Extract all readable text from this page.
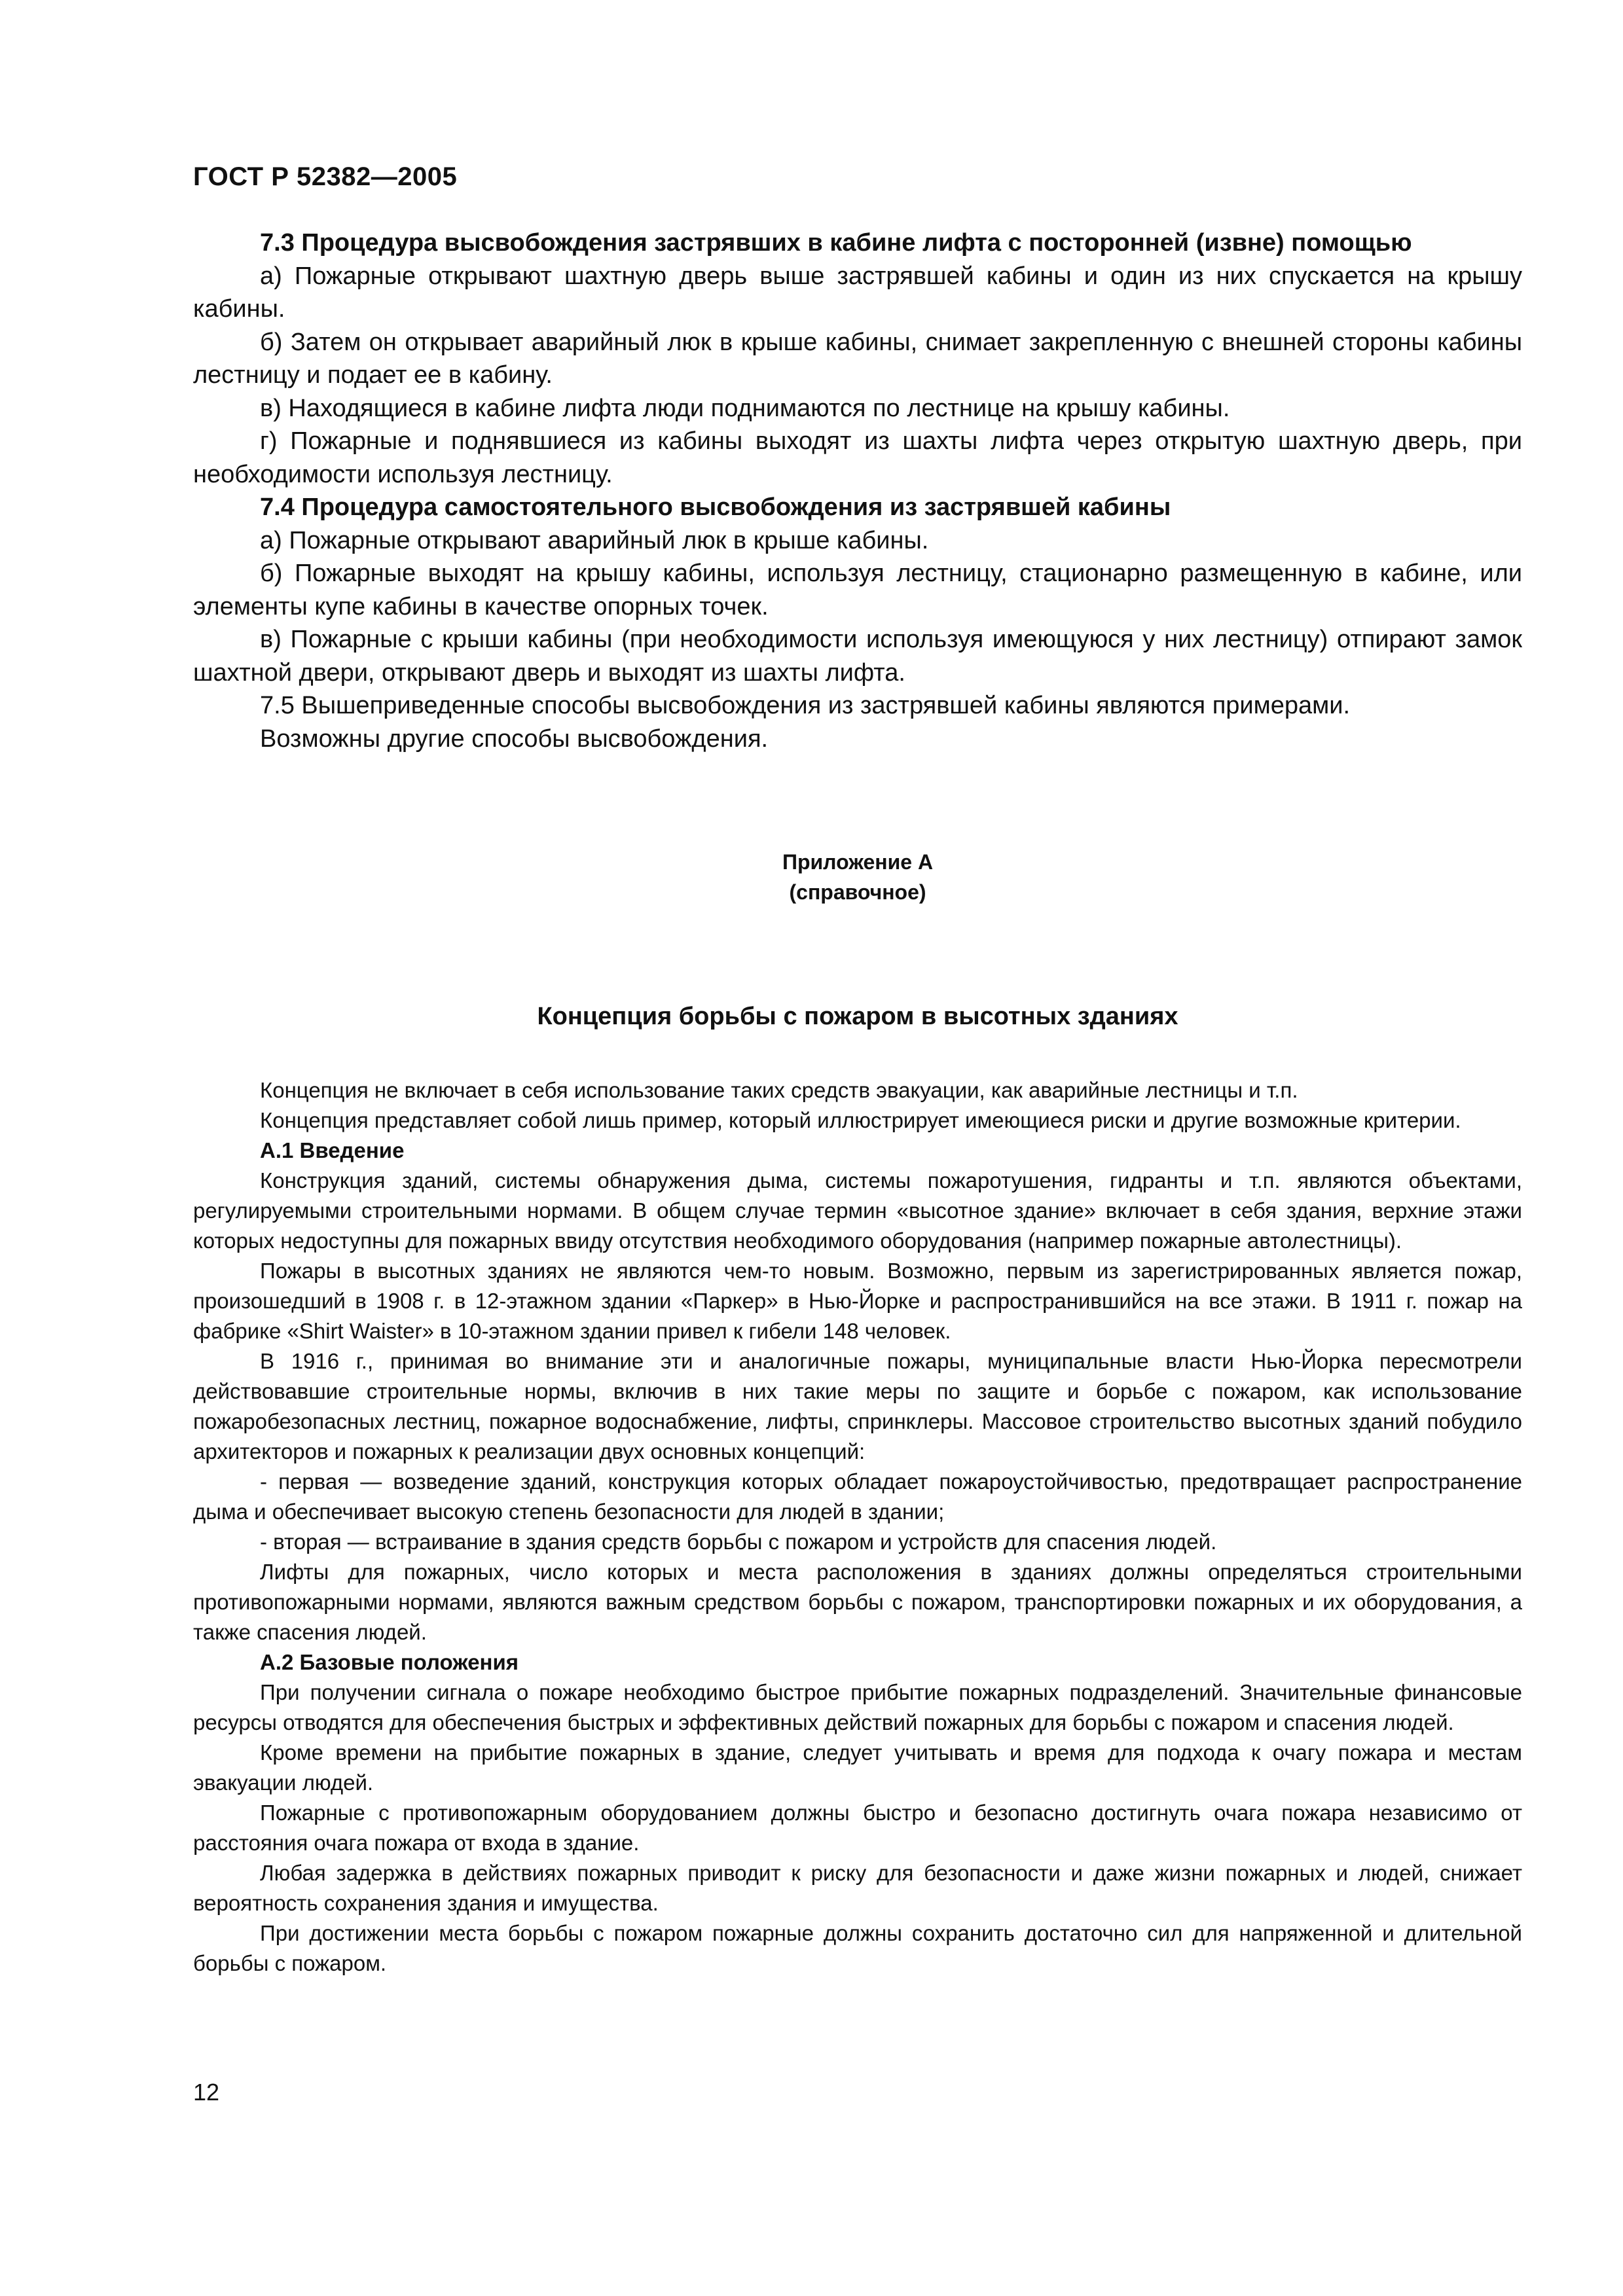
ГОСТ Р 52382—2005

7.3 Процедура высвобождения застрявших в кабине лифта с посторонней (извне) помощью

а) Пожарные открывают шахтную дверь выше застрявшей кабины и один из них спускается на крышу кабины.

б) Затем он открывает аварийный люк в крыше кабины, снимает закрепленную с внешней стороны кабины лестницу и подает ее в кабину.

в) Находящиеся в кабине лифта люди поднимаются по лестнице на крышу кабины.

г) Пожарные и поднявшиеся из кабины выходят из шахты лифта через открытую шахтную дверь, при необходимости используя лестницу.

7.4 Процедура самостоятельного высвобождения из застрявшей кабины

а) Пожарные открывают аварийный люк в крыше кабины.

б) Пожарные выходят на крышу кабины, используя лестницу, стационарно размещенную в кабине, или элементы купе кабины в качестве опорных точек.

в) Пожарные с крыши кабины (при необходимости используя имеющуюся у них лестницу) отпирают замок шахтной двери, открывают дверь и выходят из шахты лифта.

7.5 Вышеприведенные способы высвобождения из застрявшей кабины являются примерами.

Возможны другие способы высвобождения.

Приложение А
(справочное)
Концепция борьбы с пожаром в высотных зданиях

Концепция не включает в себя использование таких средств эвакуации, как аварийные лестницы и т.п.

Концепция представляет собой лишь пример, который иллюстрирует имеющиеся риски и другие возможные критерии.

А.1 Введение

Конструкция зданий, системы обнаружения дыма, системы пожаротушения, гидранты и т.п. являются объектами, регулируемыми строительными нормами. В общем случае термин «высотное здание» включает в себя здания, верхние этажи которых недоступны для пожарных ввиду отсутствия необходимого оборудования (например пожарные автолестницы).

Пожары в высотных зданиях не являются чем-то новым. Возможно, первым из зарегистрированных является пожар, произошедший в 1908 г. в 12-этажном здании «Паркер» в Нью-Йорке и распространившийся на все этажи. В 1911 г. пожар на фабрике «Shirt Waister» в 10-этажном здании привел к гибели 148 человек.

В 1916 г., принимая во внимание эти и аналогичные пожары, муниципальные власти Нью-Йорка пересмотрели действовавшие строительные нормы, включив в них такие меры по защите и борьбе с пожаром, как использование пожаробезопасных лестниц, пожарное водоснабжение, лифты, спринклеры. Массовое строительство высотных зданий побудило архитекторов и пожарных к реализации двух основных концепций:

- первая — возведение зданий, конструкция которых обладает пожароустойчивостью, предотвращает распространение дыма и обеспечивает высокую степень безопасности для людей в здании;

- вторая — встраивание в здания средств борьбы с пожаром и устройств для спасения людей.

Лифты для пожарных, число которых и места расположения в зданиях должны определяться строительными противопожарными нормами, являются важным средством борьбы с пожаром, транспортировки пожарных и их оборудования, а также спасения людей.

А.2 Базовые положения

При получении сигнала о пожаре необходимо быстрое прибытие пожарных подразделений. Значительные финансовые ресурсы отводятся для обеспечения быстрых и эффективных действий пожарных для борьбы с пожаром и спасения людей.

Кроме времени на прибытие пожарных в здание, следует учитывать и время для подхода к очагу пожара и местам эвакуации людей.

Пожарные с противопожарным оборудованием должны быстро и безопасно достигнуть очага пожара независимо от расстояния очага пожара от входа в здание.

Любая задержка в действиях пожарных приводит к риску для безопасности и даже жизни пожарных и людей, снижает вероятность сохранения здания и имущества.

При достижении места борьбы с пожаром пожарные должны сохранить достаточно сил для напряженной и длительной борьбы с пожаром.

12
